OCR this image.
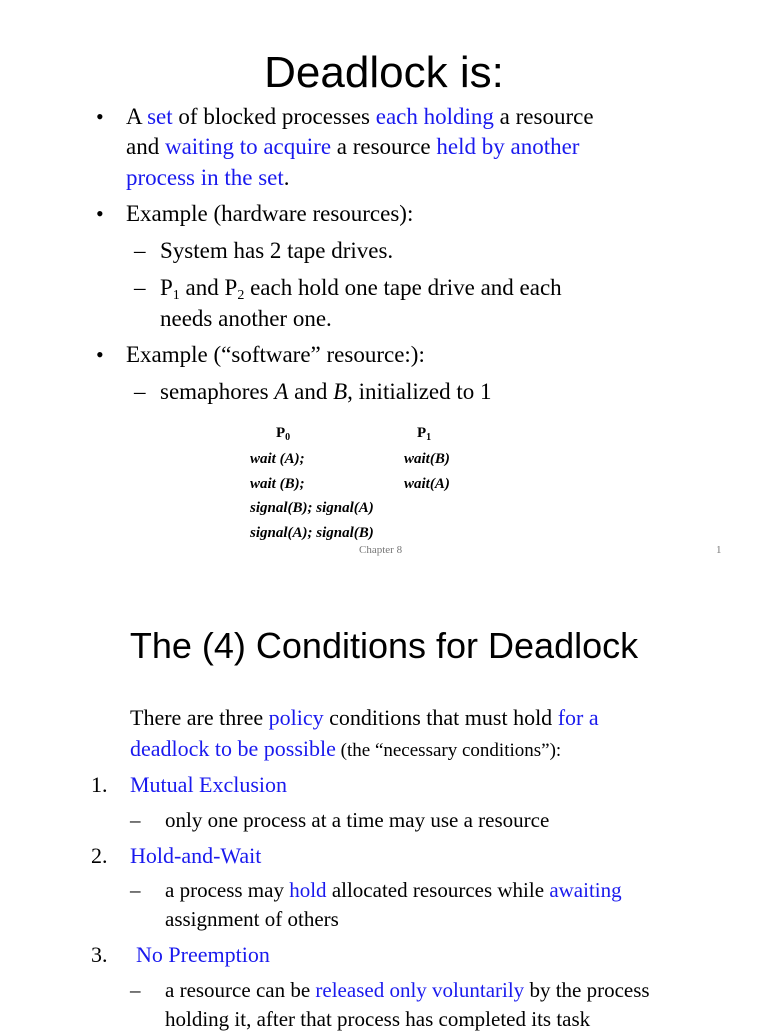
Deadlock is:
• A set of blocked processes each holding a resource
and waiting to acquire a resource held by another
process in the set.
• Example (hardware resources):
– System has 2 tape drives.
– $P_1$ and $P_2$ each hold one tape drive and each
needs another one.
• Example (“software” resource:):
– semaphores A and B, initialized to 1
$P_0$	$P_1$
wait (A);
wait (B);
signal(B); signal(A)
signal(A); signal(B)
wait(B)
wait(A)
Chapter 8	1
The (4) Conditions for Deadlock
There are three policy conditions that must hold for a
deadlock to be possible (the “necessary conditions”):
1. Mutual Exclusion
– only one process at a time may use a resource
2. Hold-and-Wait
– a process may hold allocated resources while awaiting
assignment of others
3. No Preemption
– a resource can be released only voluntarily by the process
holding it, after that process has completed its task
